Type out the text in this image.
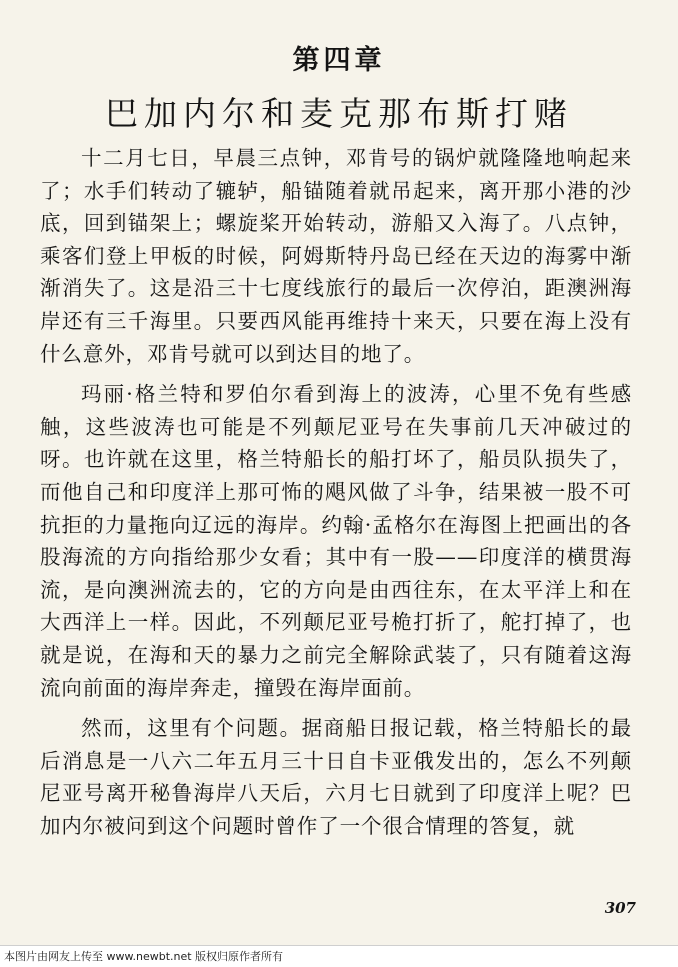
第四章
巴加内尔和麦克那布斯打赌

十二月七日，早晨三点钟，邓肯号的锅炉就隆隆地响起来了；水手们转动了辘轳，船锚随着就吊起来，离开那小港的沙底，回到锚架上；螺旋桨开始转动，游船又入海了。八点钟，乘客们登上甲板的时候，阿姆斯特丹岛已经在天边的海雾中渐渐消失了。这是沿三十七度线旅行的最后一次停泊，距澳洲海岸还有三千海里。只要西风能再维持十来天，只要在海上没有什么意外，邓肯号就可以到达目的地了。

玛丽·格兰特和罗伯尔看到海上的波涛，心里不免有些感触，这些波涛也可能是不列颠尼亚号在失事前几天冲破过的呀。也许就在这里，格兰特船长的船打坏了，船员队损失了，而他自己和印度洋上那可怖的飓风做了斗争，结果被一股不可抗拒的力量拖向辽远的海岸。约翰·孟格尔在海图上把画出的各股海流的方向指给那少女看；其中有一股——印度洋的横贯海流，是向澳洲流去的，它的方向是由西往东，在太平洋上和在大西洋上一样。因此，不列颠尼亚号桅打折了，舵打掉了，也就是说，在海和天的暴力之前完全解除武装了，只有随着这海流向前面的海岸奔走，撞毁在海岸面前。

然而，这里有个问题。据商船日报记载，格兰特船长的最后消息是一八六二年五月三十日自卡亚俄发出的，怎么不列颠尼亚号离开秘鲁海岸八天后，六月七日就到了印度洋上呢？巴加内尔被问到这个问题时曾作了一个很合情理的答复，就

307
本图片由网友上传至 www.newbt.net 版权归原作者所有
